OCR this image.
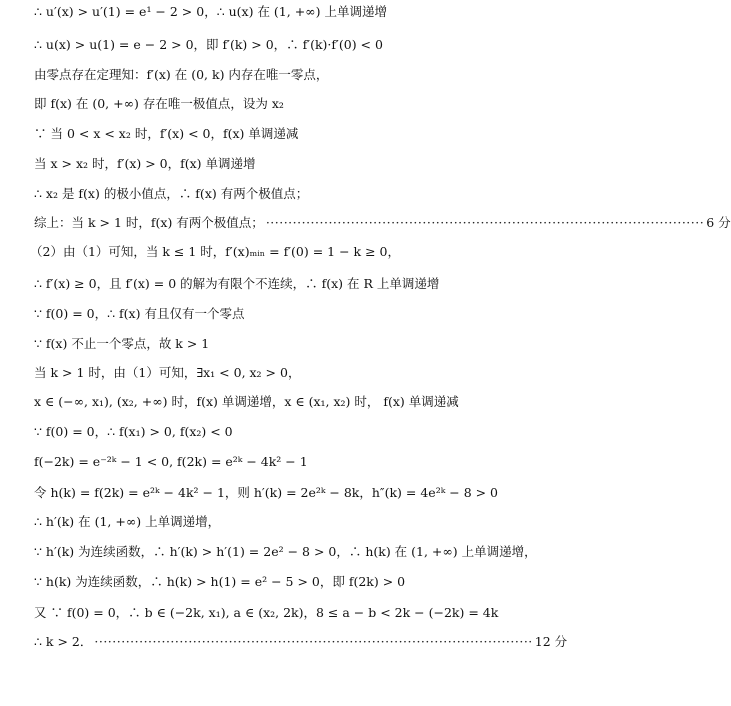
∴ u′(x) > u′(1) = e¹ − 2 > 0，∴ u(x) 在 (1, +∞) 上单调递增
∴ u(x) > u(1) = e − 2 > 0，即 f′(k) > 0，∴ f′(k)·f′(0) < 0
由零点存在定理知：f′(x) 在 (0, k) 内存在唯一零点，
即 f(x) 在 (0, +∞) 存在唯一极值点，设为 x₂
∵ 当 0 < x < x₂ 时，f′(x) < 0，f(x) 单调递减
当 x > x₂ 时，f′(x) > 0，f(x) 单调递增
∴ x₂ 是 f(x) 的极小值点，∴ f(x) 有两个极值点；
综上：当 k > 1 时，f(x) 有两个极值点； ·································································································· 6 分
（2）由（1）可知，当 k ≤ 1 时，f′(x)ₘᵢₙ = f′(0) = 1 − k ≥ 0，
∴ f′(x) ≥ 0，且 f′(x) = 0 的解为有限个不连续，∴ f(x) 在 R 上单调递增
∵ f(0) = 0，∴ f(x) 有且仅有一个零点
∵ f(x) 不止一个零点，故 k > 1
当 k > 1 时，由（1）可知，∃x₁ < 0, x₂ > 0，
x ∈ (−∞, x₁), (x₂, +∞) 时，f(x) 单调递增，x ∈ (x₁, x₂) 时， f(x) 单调递减
∵ f(0) = 0，∴ f(x₁) > 0, f(x₂) < 0
f(−2k) = e⁻²ᵏ − 1 < 0, f(2k) = e²ᵏ − 4k² − 1
令 h(k) = f(2k) = e²ᵏ − 4k² − 1，则 h′(k) = 2e²ᵏ − 8k，h″(k) = 4e²ᵏ − 8 > 0
∴ h′(k) 在 (1, +∞) 上单调递增，
∵ h′(k) 为连续函数，∴ h′(k) > h′(1) = 2e² − 8 > 0，∴ h(k) 在 (1, +∞) 上单调递增，
∵ h(k) 为连续函数，∴ h(k) > h(1) = e² − 5 > 0，即 f(2k) > 0
又 ∵ f(0) = 0，∴ b ∈ (−2k, x₁), a ∈ (x₂, 2k)，8 ≤ a − b < 2k − (−2k) = 4k
∴ k > 2． ·································································································· 12 分
